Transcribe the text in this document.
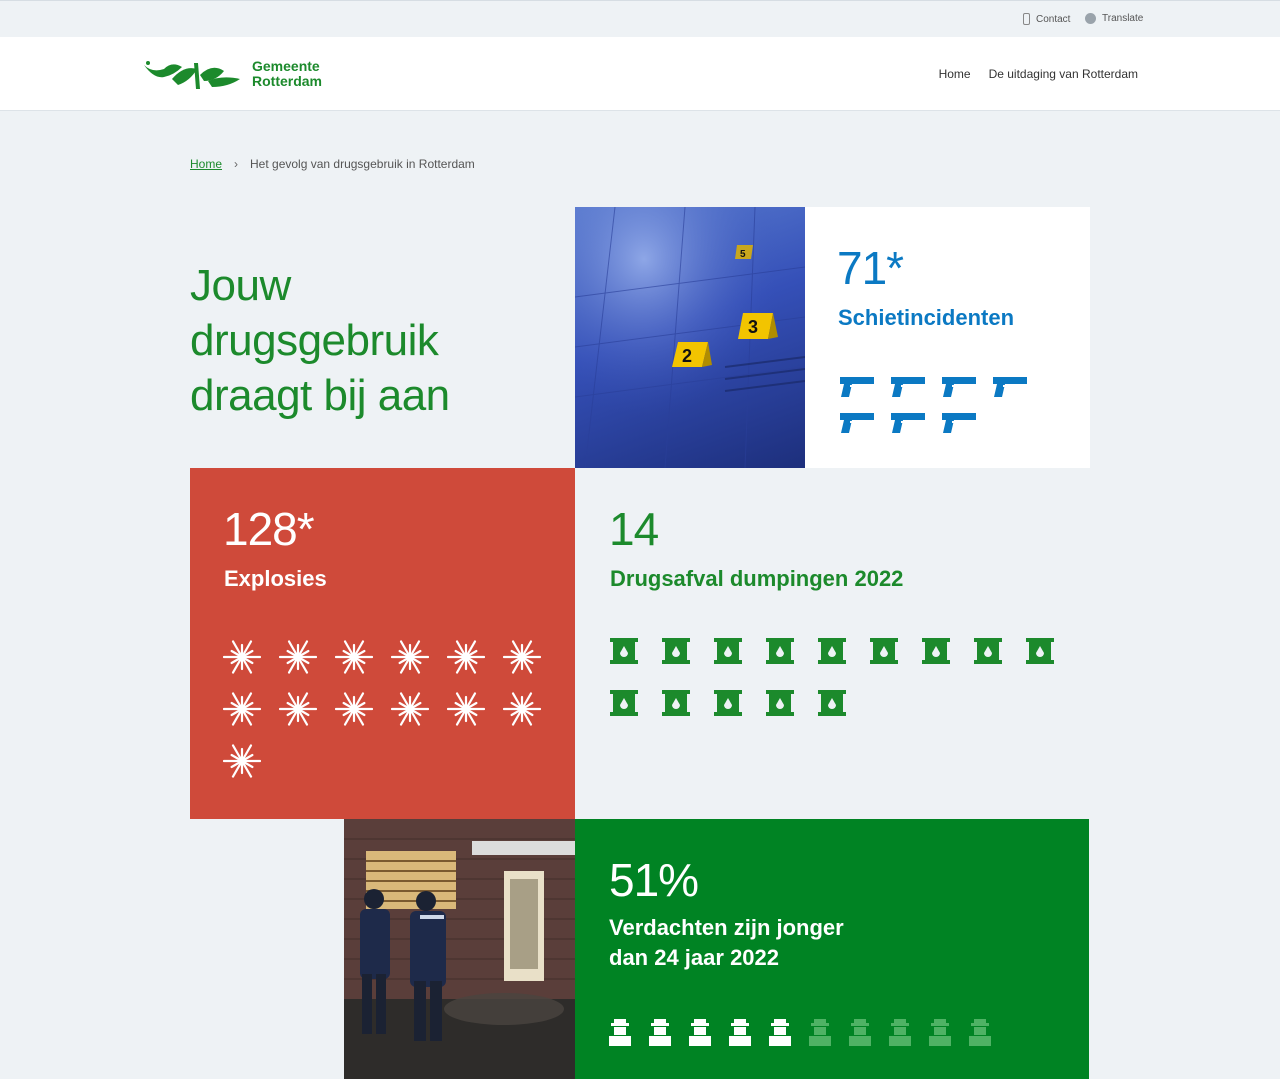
Contact	Translate
Gemeente
Rotterdam	Home De uitdaging van Rotterdam
Home › Het gevolg van drugsgebruik in Rotterdam
Jouw
drugsgebruik
draagt bij aan
2
3
5 71*
Schietincidenten
128*
Explosies
14
Drugsafval dumpingen 2022
51%
Verdachten zijn jonger
dan 24 jaar 2022
